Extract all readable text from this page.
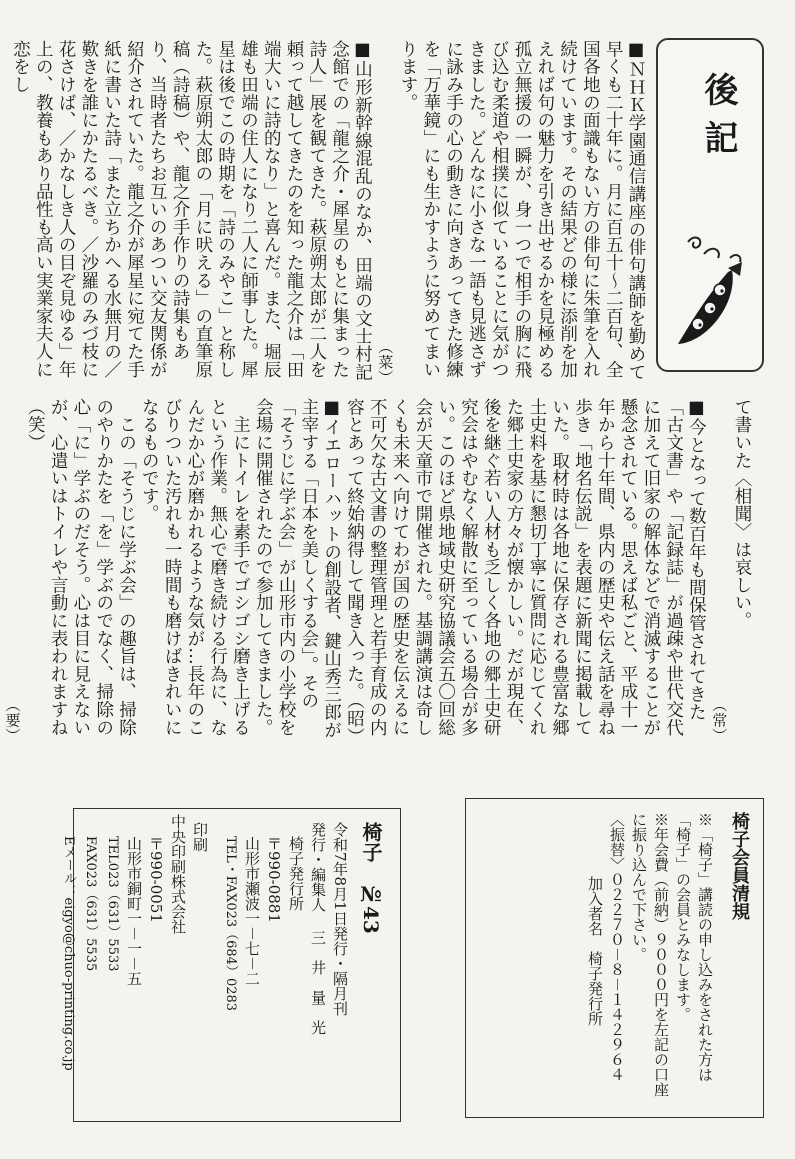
後記

■ＮＨＫ学園通信講座の俳句講師を勤めて早くも二十年に。月に百五十～二百句、全国各地の面識もない方の俳句に朱筆を入れ続けています。その結果どの様に添削を加えれば句の魅力を引き出せるかを見極める孤立無援の一瞬が、身一つで相手の胸に飛び込む柔道や相撲に似ていることに気がつきました。どんなに小さな一語も見逃さずに詠み手の心の動きに向きあってきた修練を「万華鏡」にも生かすように努めてまいります。

（菜）

■山形新幹線混乱のなか、田端の文士村記念館での「龍之介・犀星のもとに集まった詩人」展を観てきた。萩原朔太郎が二人を頼って越してきたのを知った龍之介は「田端大いに詩的なり」と喜んだ。また、堀辰雄も田端の住人になり二人に師事した。犀星は後でこの時期を「詩のみやこ」と称した。萩原朔太郎の「月に吠える」の直筆原稿（詩稿）や、龍之介手作りの詩集もあり、当時者たちお互いのあつい交友関係が紹介されていた。龍之介が犀星に宛てた手紙に書いた詩「また立ちかへる水無月の／歎きを誰にかたるべき。／沙羅のみづ枝に花さけば、／かなしき人の目ぞ見ゆる」年上の、教養もあり品性も高い実業家夫人に恋をし

て書いた〈相聞〉は哀しい。

（常）

■今となって数百年も間保管されてきた「古文書」や「記録誌」が過疎や世代交代に加えて旧家の解体などで消滅することが懸念されている。思えば私ごと、平成十一年から十年間、県内の歴史や伝え話を尋ね歩き「地名伝説」を表題に新聞に掲載していた。取材時は各地に保存される豊富な郷土史料を基に懇切丁寧に質問に応じてくれた郷土史家の方々が懐かしい。だが現在、後を継ぐ若い人材も乏しく各地の郷土史研究会はやむなく解散に至っている場合が多い。このほど県地域史研究協議会五〇回総会が天童市で開催された。基調講演は奇しくも未来へ向けてわが国の歴史を伝えるに不可欠な古文書の整理管理と若手育成の内容とあって終始納得して聞き入った。（昭）

■イエローハットの創設者、鍵山秀三郎が主宰する「日本を美しくする会」。その「そうじに学ぶ会」が山形市内の小学校を会場に開催されたので参加してきました。

　主にトイレを素手でゴシゴシ磨き上げるという作業。無心で磨き続ける行為に、なんだか心が磨かれるような気が…長年のこびりついた汚れも一時間も磨けばきれいになるものです。

　この「そうじに学ぶ会」の趣旨は、掃除のやりかたを「を」学ぶのでなく、掃除の心「に」学ぶのだそう。心は目に見えないが、心遣いはトイレや言動に表われますね（笑）

（要）

椅子会員清規

※「椅子」講読の申し込みをされた方は「椅子」の会員とみなします。

※年会費（前納）９０００円を左記の口座に振り込んで下さい。

〈振替〉０２２７０－８－１４２９６４

加入者名　椅子発行所

椅子№43

令和7年8月1日発行・隔月刊

発行・編集人三　井　量　光

椅子発行所

〒990-0881

山形市瀬波一－七－二

TEL・FAX023（684）0283

印刷

中央印刷株式会社

〒990-0051

山形市銅町一－一－五

TEL023（631）5533

FAX023（631）5535

Eメール：eigyo@chuo-printing.co.jp
